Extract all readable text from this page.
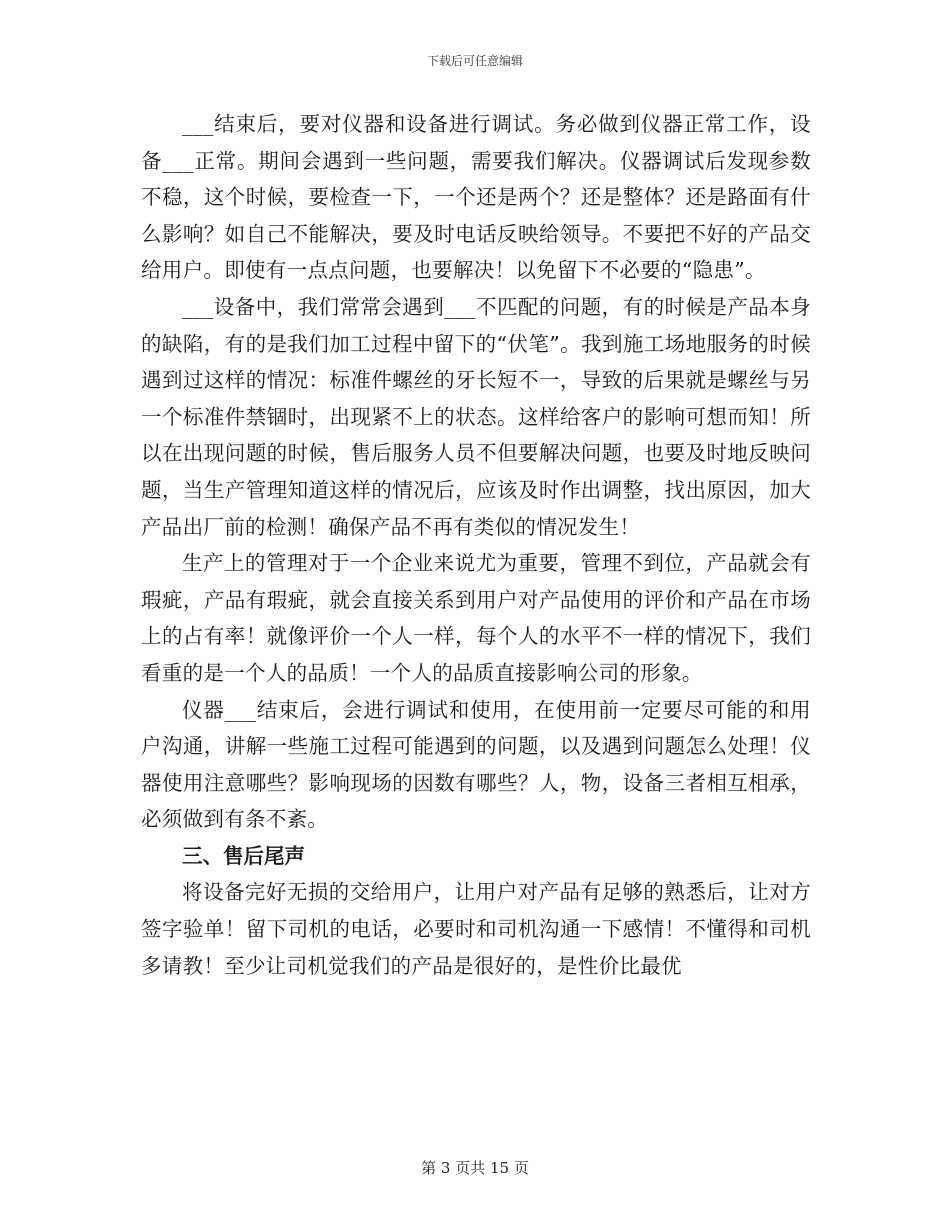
下载后可任意编辑

___结束后，要对仪器和设备进行调试。务必做到仪器正常工作，设备___正常。期间会遇到一些问题，需要我们解决。仪器调试后发现参数不稳，这个时候，要检查一下，一个还是两个？还是整体？还是路面有什么影响？如自己不能解决，要及时电话反映给领导。不要把不好的产品交给用户。即使有一点点问题，也要解决！以免留下不必要的“隐患”。

___设备中，我们常常会遇到___不匹配的问题，有的时候是产品本身的缺陷，有的是我们加工过程中留下的“伏笔”。我到施工场地服务的时候遇到过这样的情况：标准件螺丝的牙长短不一，导致的后果就是螺丝与另一个标准件禁锢时，出现紧不上的状态。这样给客户的影响可想而知！所以在出现问题的时候，售后服务人员不但要解决问题，也要及时地反映问题，当生产管理知道这样的情况后，应该及时作出调整，找出原因，加大产品出厂前的检测！确保产品不再有类似的情况发生！

生产上的管理对于一个企业来说尤为重要，管理不到位，产品就会有瑕疵，产品有瑕疵，就会直接关系到用户对产品使用的评价和产品在市场上的占有率！就像评价一个人一样，每个人的水平不一样的情况下，我们看重的是一个人的品质！一个人的品质直接影响公司的形象。

仪器___结束后，会进行调试和使用，在使用前一定要尽可能的和用户沟通，讲解一些施工过程可能遇到的问题，以及遇到问题怎么处理！仪器使用注意哪些？影响现场的因数有哪些？人，物，设备三者相互相承，必须做到有条不紊。

三、售后尾声

将设备完好无损的交给用户，让用户对产品有足够的熟悉后，让对方签字验单！留下司机的电话，必要时和司机沟通一下感情！不懂得和司机多请教！至少让司机觉我们的产品是很好的，是性价比最优

第 3 页共 15 页
